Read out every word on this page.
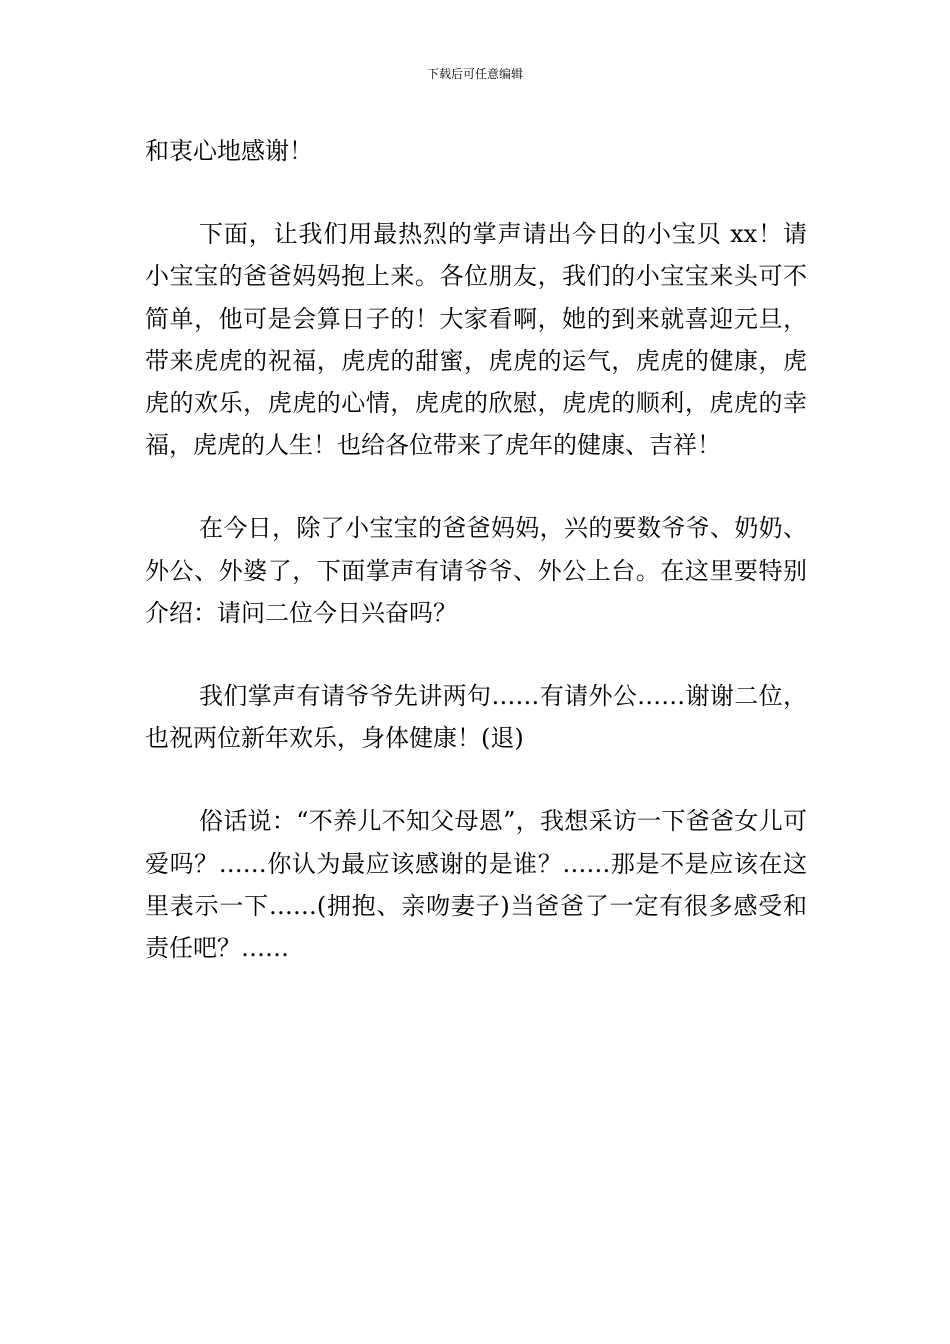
下载后可任意编辑

和衷心地感谢！

下面，让我们用最热烈的掌声请出今日的小宝贝 xx！请小宝宝的爸爸妈妈抱上来。各位朋友，我们的小宝宝来头可不简单，他可是会算日子的！大家看啊，她的到来就喜迎元旦，带来虎虎的祝福，虎虎的甜蜜，虎虎的运气，虎虎的健康，虎虎的欢乐，虎虎的心情，虎虎的欣慰，虎虎的顺利，虎虎的幸福，虎虎的人生！也给各位带来了虎年的健康、吉祥！

在今日，除了小宝宝的爸爸妈妈，兴的要数爷爷、奶奶、外公、外婆了，下面掌声有请爷爷、外公上台。在这里要特别介绍：请问二位今日兴奋吗？

我们掌声有请爷爷先讲两句……有请外公……谢谢二位，也祝两位新年欢乐，身体健康！(退)

俗话说：“不养儿不知父母恩”，我想采访一下爸爸女儿可爱吗？……你认为最应该感谢的是谁？……那是不是应该在这里表示一下……(拥抱、亲吻妻子)当爸爸了一定有很多感受和责任吧？……
